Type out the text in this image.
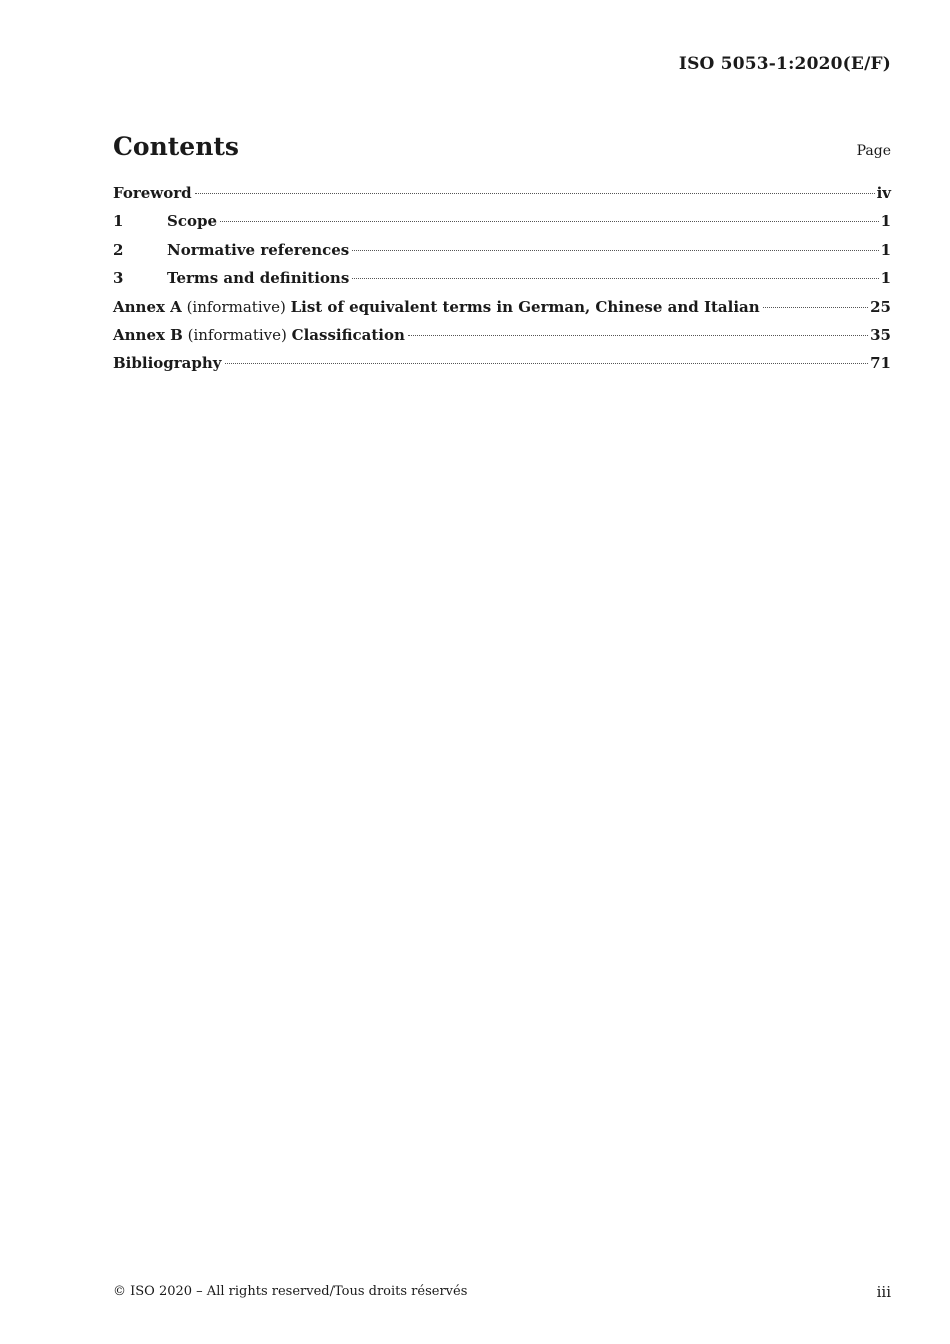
ISO 5053-1:2020(E/F)
Contents	Page
Foreword	iv
1	Scope	1
2	Normative references	1
3	Terms and definitions	1
Annex A (informative) List of equivalent terms in German, Chinese and Italian	25
Annex B (informative) Classification	35
Bibliography	71
© ISO 2020 – All rights reserved/Tous droits réservés	iii
